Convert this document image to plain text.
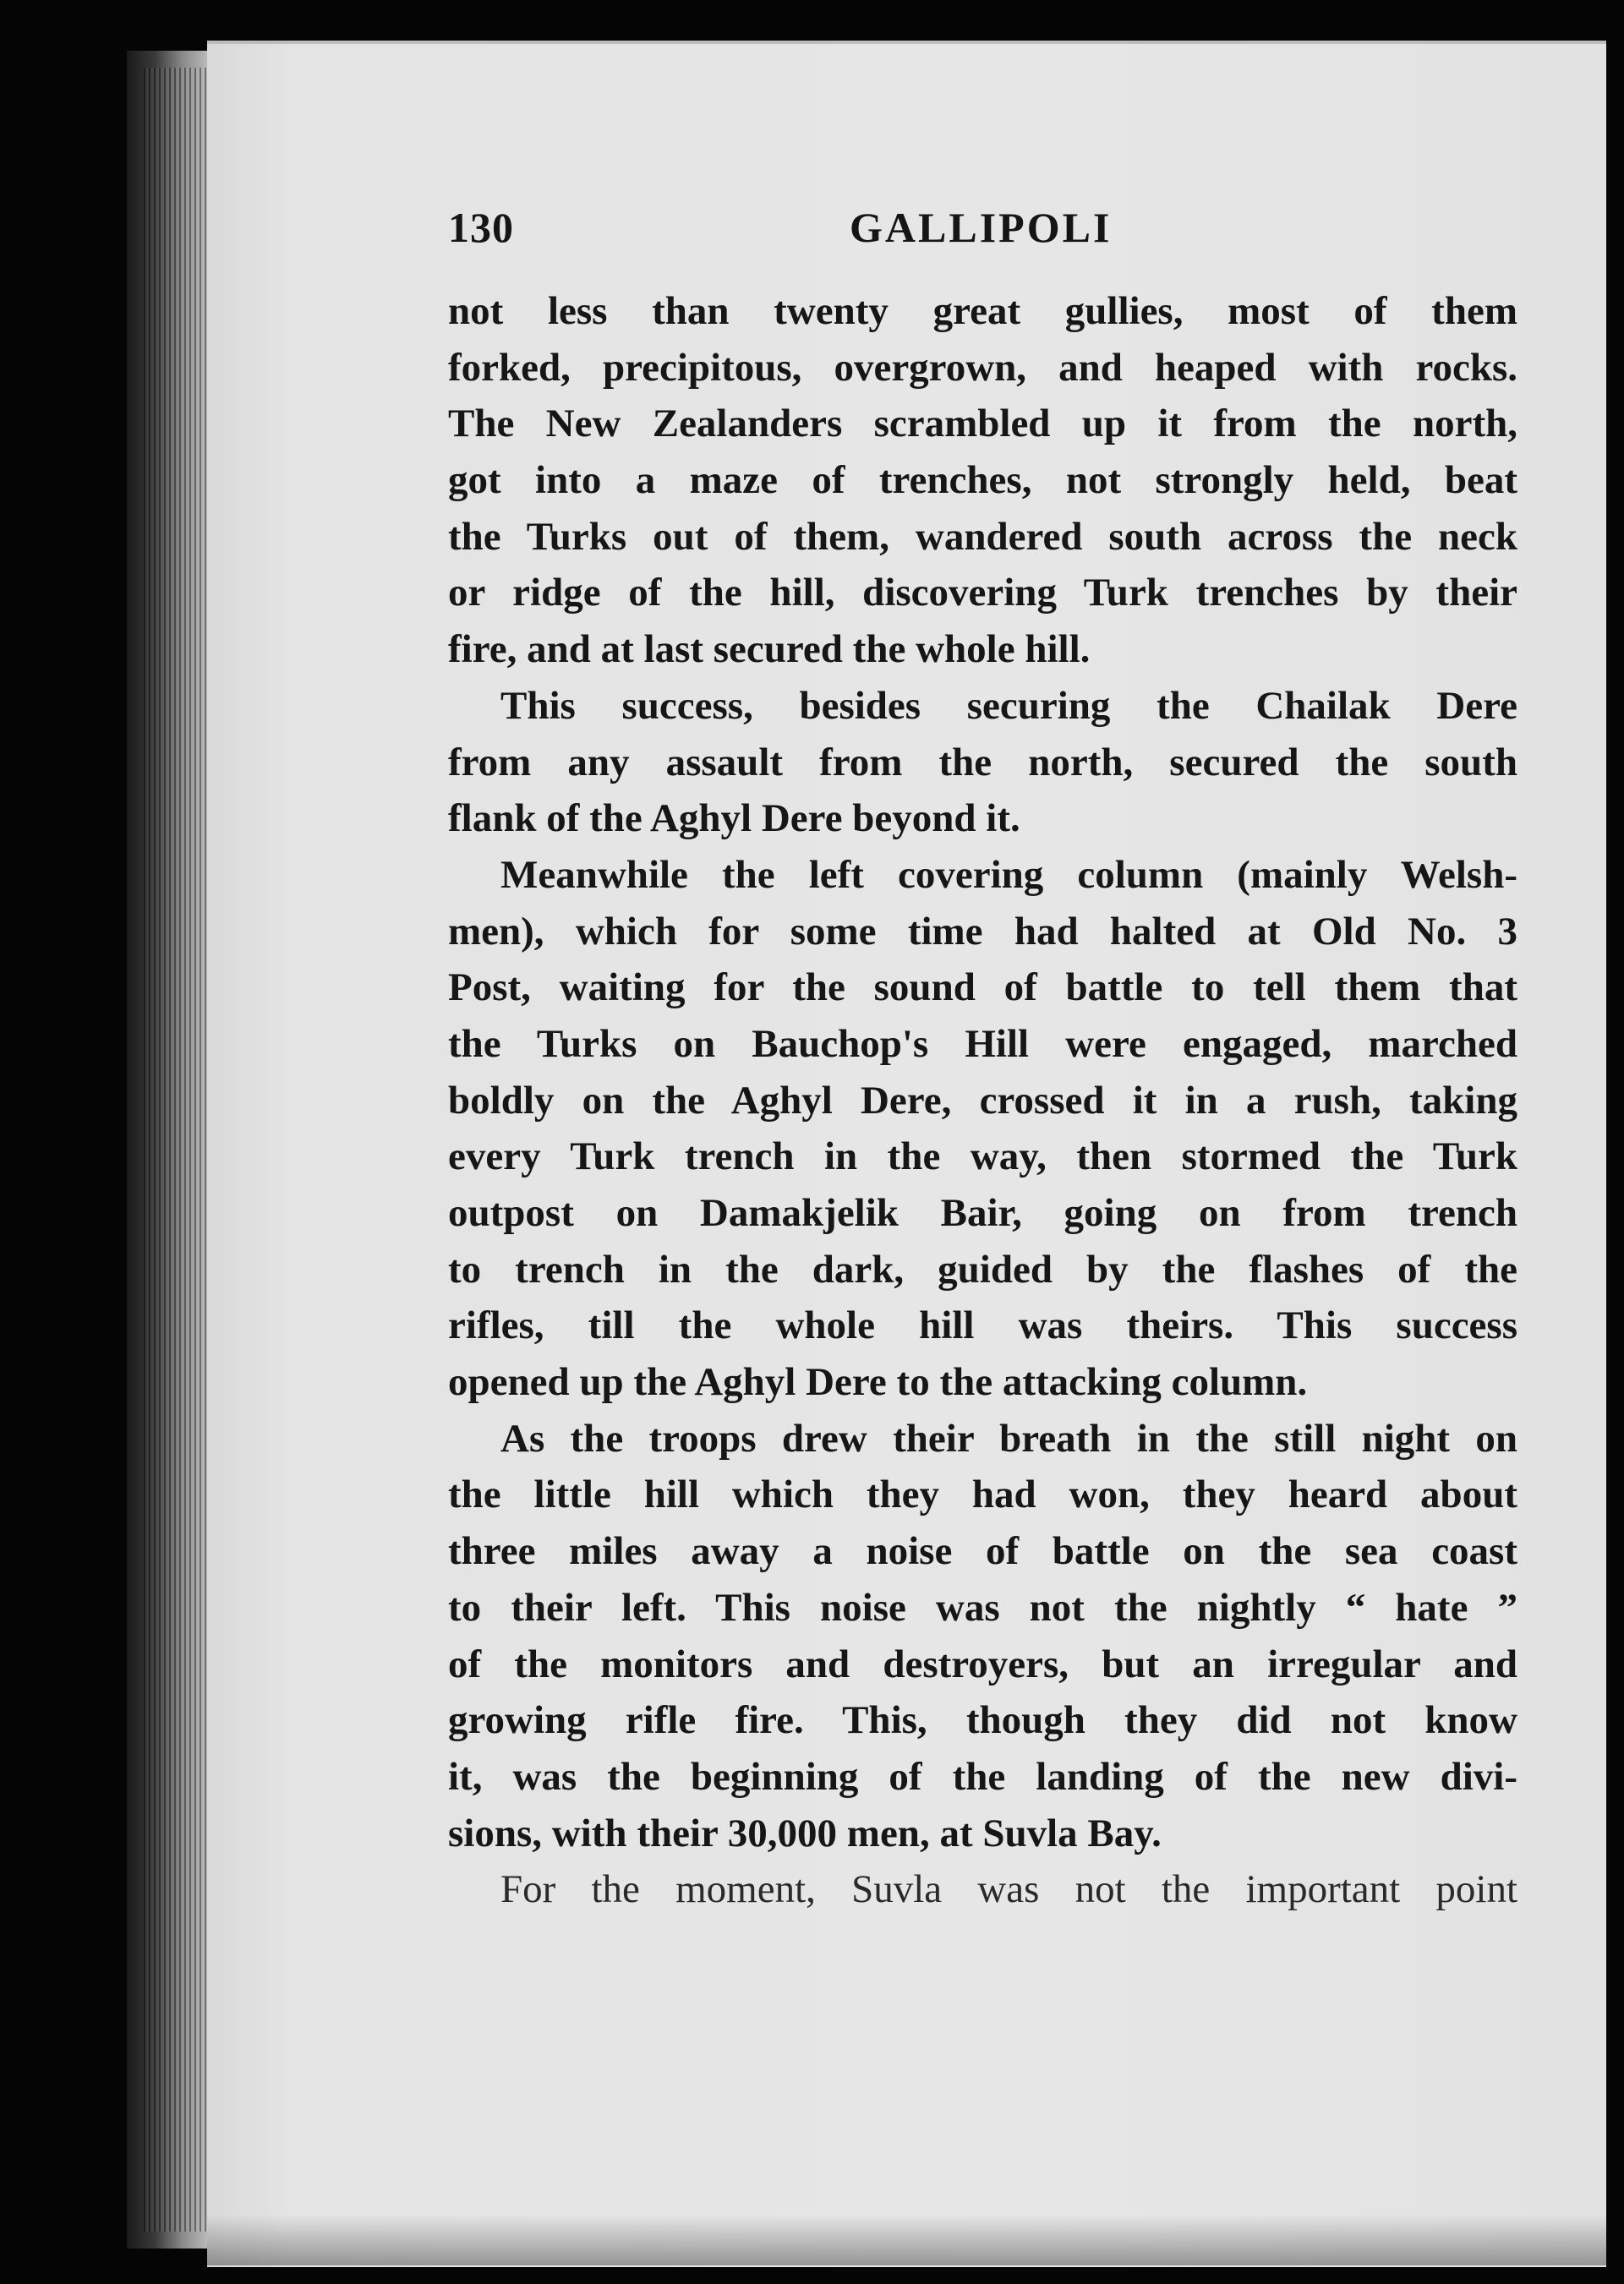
130	GALLIPOLI
not less than twenty great gullies, most of them
forked, precipitous, overgrown, and heaped with rocks.
The New Zealanders scrambled up it from the north,
got into a maze of trenches, not strongly held, beat
the Turks out of them, wandered south across the neck
or ridge of the hill, discovering Turk trenches by their
fire, and at last secured the whole hill.
This success, besides securing the Chailak Dere
from any assault from the north, secured the south
flank of the Aghyl Dere beyond it.
Meanwhile the left covering column (mainly Welsh-
men), which for some time had halted at Old No. 3
Post, waiting for the sound of battle to tell them that
the Turks on Bauchop's Hill were engaged, marched
boldly on the Aghyl Dere, crossed it in a rush, taking
every Turk trench in the way, then stormed the Turk
outpost on Damakjelik Bair, going on from trench
to trench in the dark, guided by the flashes of the
rifles, till the whole hill was theirs. This success
opened up the Aghyl Dere to the attacking column.
As the troops drew their breath in the still night on
the little hill which they had won, they heard about
three miles away a noise of battle on the sea coast
to their left. This noise was not the nightly “ hate ”
of the monitors and destroyers, but an irregular and
growing rifle fire. This, though they did not know
it, was the beginning of the landing of the new divi-
sions, with their 30,000 men, at Suvla Bay.
For the moment, Suvla was not the important point
